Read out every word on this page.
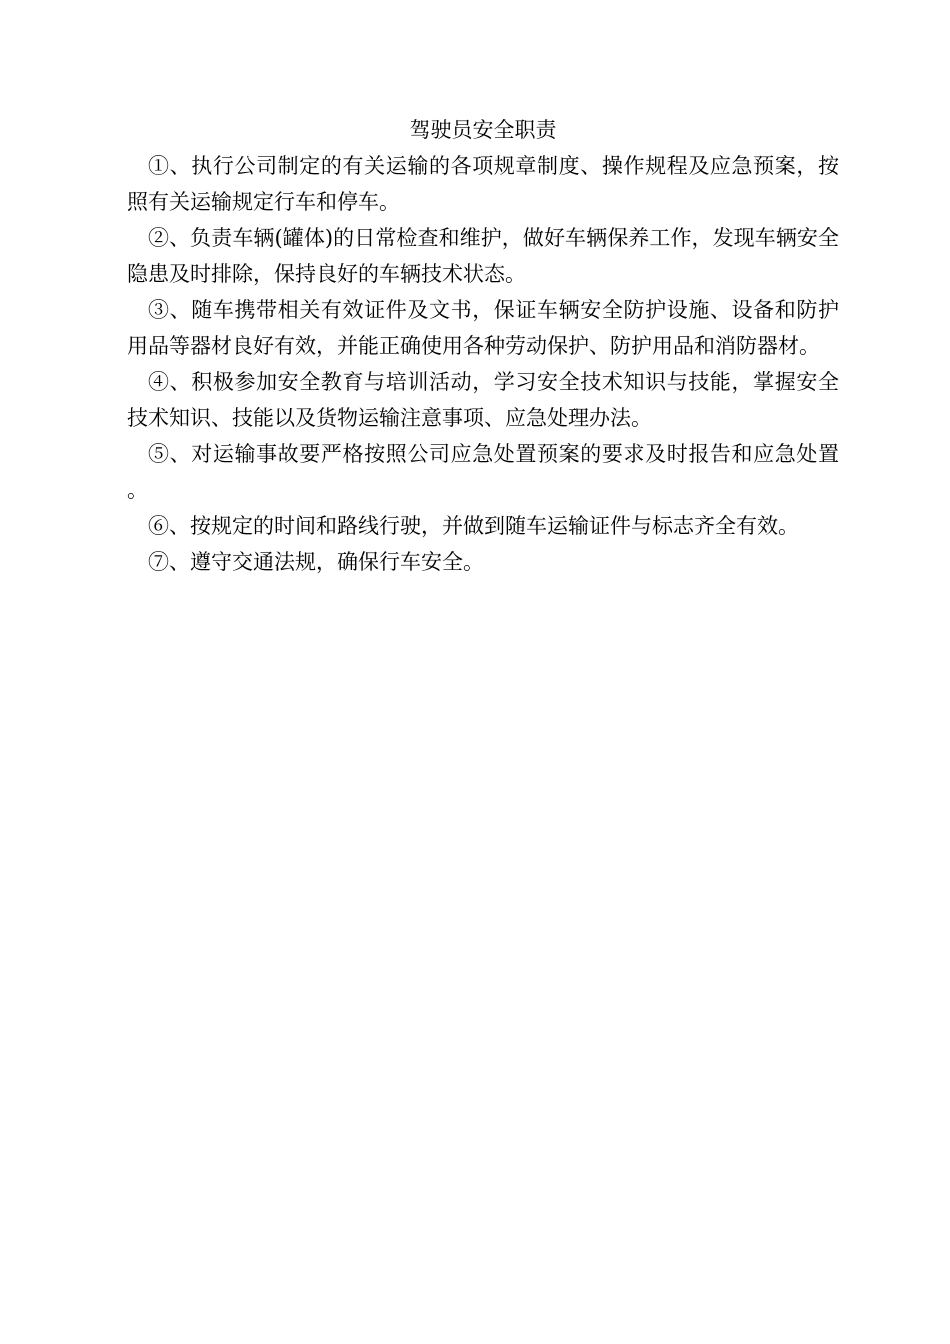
驾驶员安全职责

①、执行公司制定的有关运输的各项规章制度、操作规程及应急预案，按照有关运输规定行车和停车。

②、负责车辆(罐体)的日常检查和维护，做好车辆保养工作，发现车辆安全隐患及时排除，保持良好的车辆技术状态。

③、随车携带相关有效证件及文书，保证车辆安全防护设施、设备和防护用品等器材良好有效，并能正确使用各种劳动保护、防护用品和消防器材。

④、积极参加安全教育与培训活动，学习安全技术知识与技能，掌握安全技术知识、技能以及货物运输注意事项、应急处理办法。

⑤、对运输事故要严格按照公司应急处置预案的要求及时报告和应急处置。

⑥、按规定的时间和路线行驶，并做到随车运输证件与标志齐全有效。

⑦、遵守交通法规，确保行车安全。
